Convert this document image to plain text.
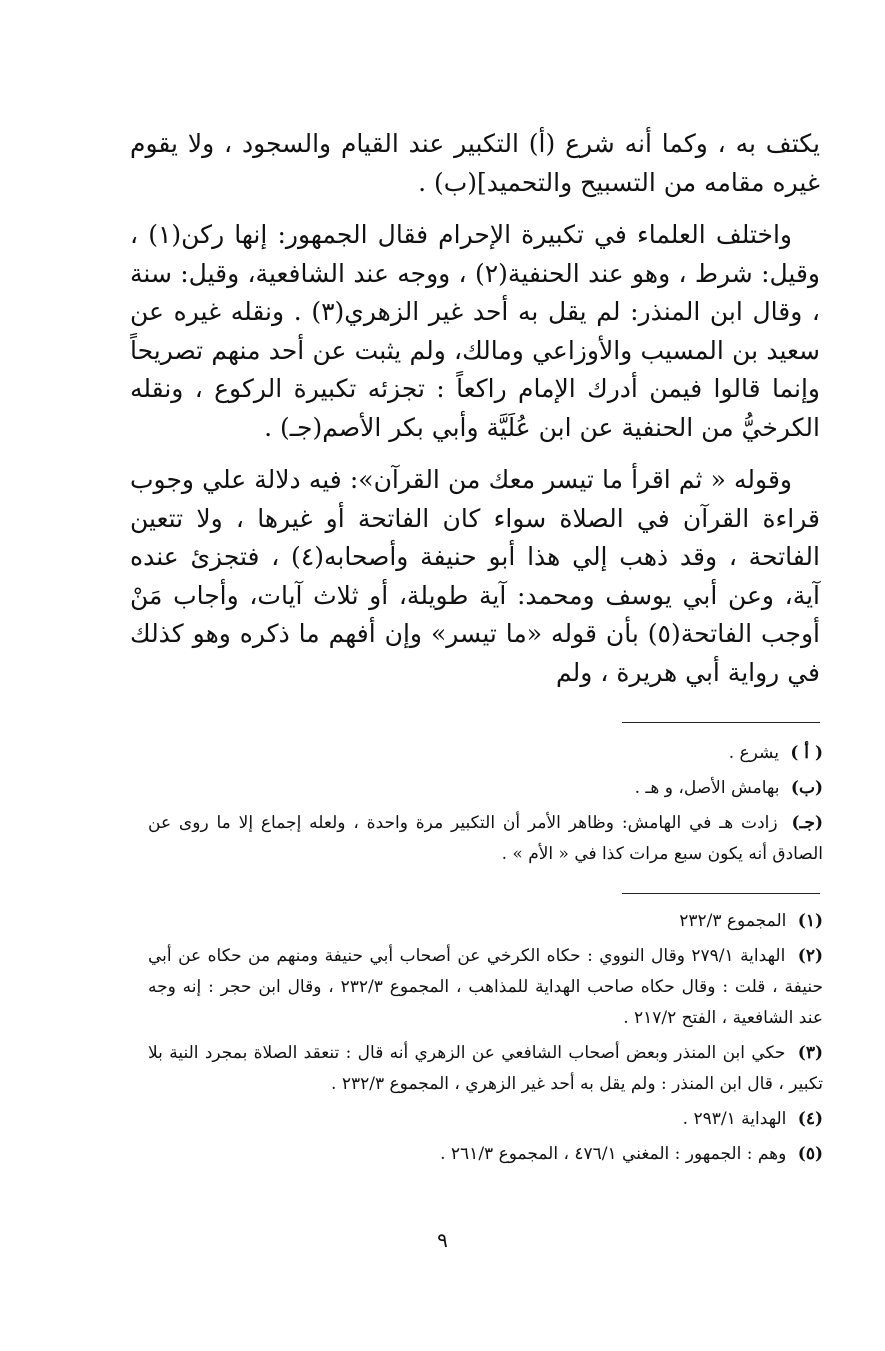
يكتف به ، وكما أنه شرع (أ) التكبير عند القيام والسجود ، ولا يقوم غيره مقامه من التسبيح والتحميد](ب) .

واختلف العلماء في تكبيرة الإحرام فقال الجمهور: إنها ركن(١) ، وقيل: شرط ، وهو عند الحنفية(٢) ، ووجه عند الشافعية، وقيل: سنة ، وقال ابن المنذر: لم يقل به أحد غير الزهري(٣) . ونقله غيره عن سعيد بن المسيب والأوزاعي ومالك، ولم يثبت عن أحد منهم تصريحاً وإنما قالوا فيمن أدرك الإمام راكعاً : تجزئه تكبيرة الركوع ، ونقله الكرخيُّ من الحنفية عن ابن عُلَيَّة وأبي بكر الأصم(جـ) .

وقوله « ثم اقرأ ما تيسر معك من القرآن»: فيه دلالة علي وجوب قراءة القرآن في الصلاة سواء كان الفاتحة أو غيرها ، ولا تتعين الفاتحة ، وقد ذهب إلي هذا أبو حنيفة وأصحابه(٤) ، فتجزئ عنده آية، وعن أبي يوسف ومحمد: آية طويلة، أو ثلاث آيات، وأجاب مَنْ أوجب الفاتحة(٥) بأن قوله «ما تيسر» وإن أفهم ما ذكره وهو كذلك في رواية أبي هريرة ، ولم

( أ ) يشرع .
(ب) بهامش الأصل، و هـ .
(جـ) زادت هـ في الهامش: وظاهر الأمر أن التكبير مرة واحدة ، ولعله إجماع إلا ما روى عن الصادق أنه يكون سبع مرات كذا في « الأم » .
(١) المجموع ٢٣٢/٣
(٢) الهداية ٢٧٩/١ وقال النووي : حكاه الكرخي عن أصحاب أبي حنيفة ومنهم من حكاه عن أبي حنيفة ، قلت : وقال حكاه صاحب الهداية للمذاهب ، المجموع ٢٣٢/٣ ، وقال ابن حجر : إنه وجه عند الشافعية ، الفتح ٢١٧/٢ .
(٣) حكي ابن المنذر وبعض أصحاب الشافعي عن الزهري أنه قال : تنعقد الصلاة بمجرد النية بلا تكبير ، قال ابن المنذر : ولم يقل به أحد غير الزهري ، المجموع ٢٣٢/٣ .
(٤) الهداية ٢٩٣/١ .
(٥) وهم : الجمهور : المغني ٤٧٦/١ ، المجموع ٢٦١/٣ .
٩
